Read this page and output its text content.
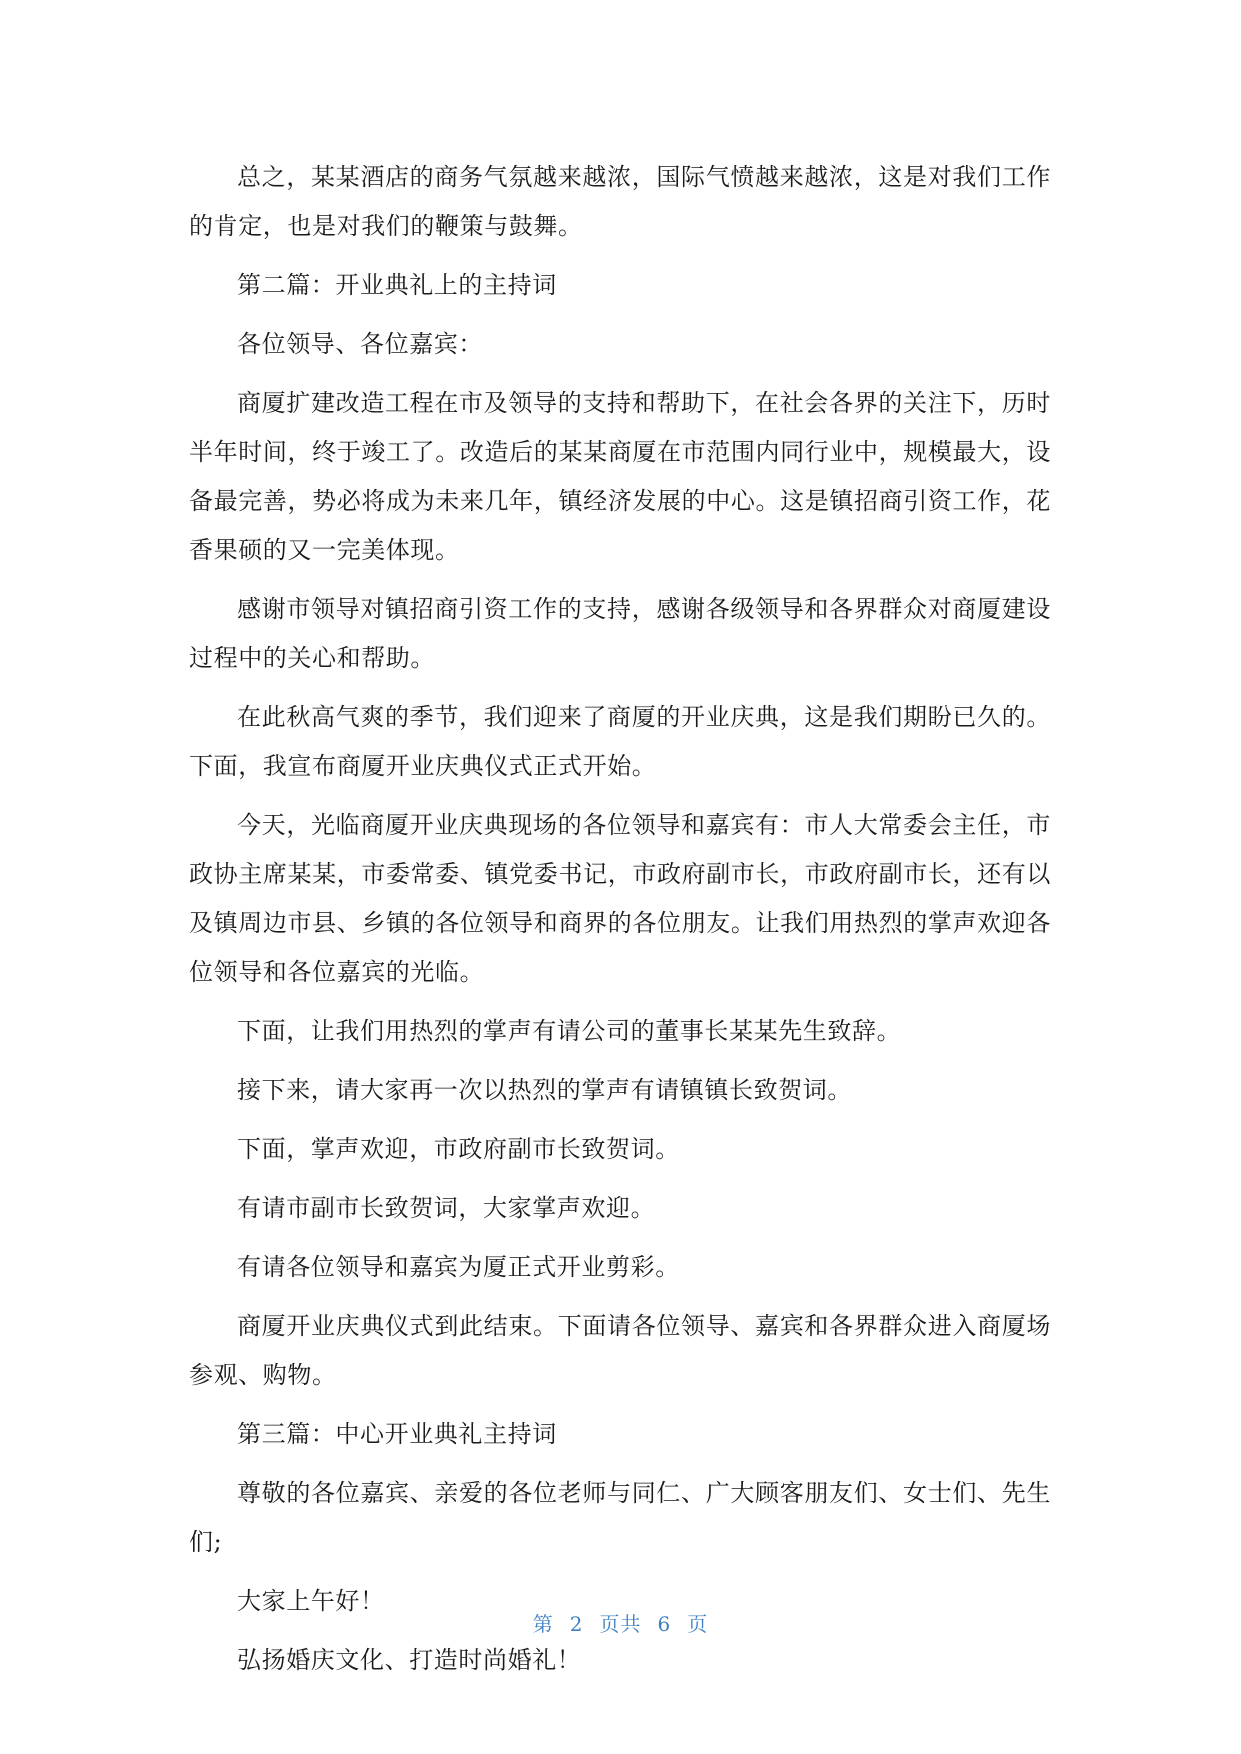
总之，某某酒店的商务气氛越来越浓，国际气愤越来越浓，这是对我们工作的肯定，也是对我们的鞭策与鼓舞。

第二篇：开业典礼上的主持词

各位领导、各位嘉宾：

商厦扩建改造工程在市及领导的支持和帮助下，在社会各界的关注下，历时半年时间，终于竣工了。改造后的某某商厦在市范围内同行业中，规模最大，设备最完善，势必将成为未来几年，镇经济发展的中心。这是镇招商引资工作，花香果硕的又一完美体现。

感谢市领导对镇招商引资工作的支持，感谢各级领导和各界群众对商厦建设过程中的关心和帮助。

在此秋高气爽的季节，我们迎来了商厦的开业庆典，这是我们期盼已久的。下面，我宣布商厦开业庆典仪式正式开始。

今天，光临商厦开业庆典现场的各位领导和嘉宾有：市人大常委会主任，市政协主席某某，市委常委、镇党委书记，市政府副市长，市政府副市长，还有以及镇周边市县、乡镇的各位领导和商界的各位朋友。让我们用热烈的掌声欢迎各位领导和各位嘉宾的光临。

下面，让我们用热烈的掌声有请公司的董事长某某先生致辞。

接下来，请大家再一次以热烈的掌声有请镇镇长致贺词。

下面，掌声欢迎，市政府副市长致贺词。

有请市副市长致贺词，大家掌声欢迎。

有请各位领导和嘉宾为厦正式开业剪彩。

商厦开业庆典仪式到此结束。下面请各位领导、嘉宾和各界群众进入商厦场参观、购物。

第三篇：中心开业典礼主持词

尊敬的各位嘉宾、亲爱的各位老师与同仁、广大顾客朋友们、女士们、先生们;

大家上午好！

弘扬婚庆文化、打造时尚婚礼！

第 2 页共 6 页
